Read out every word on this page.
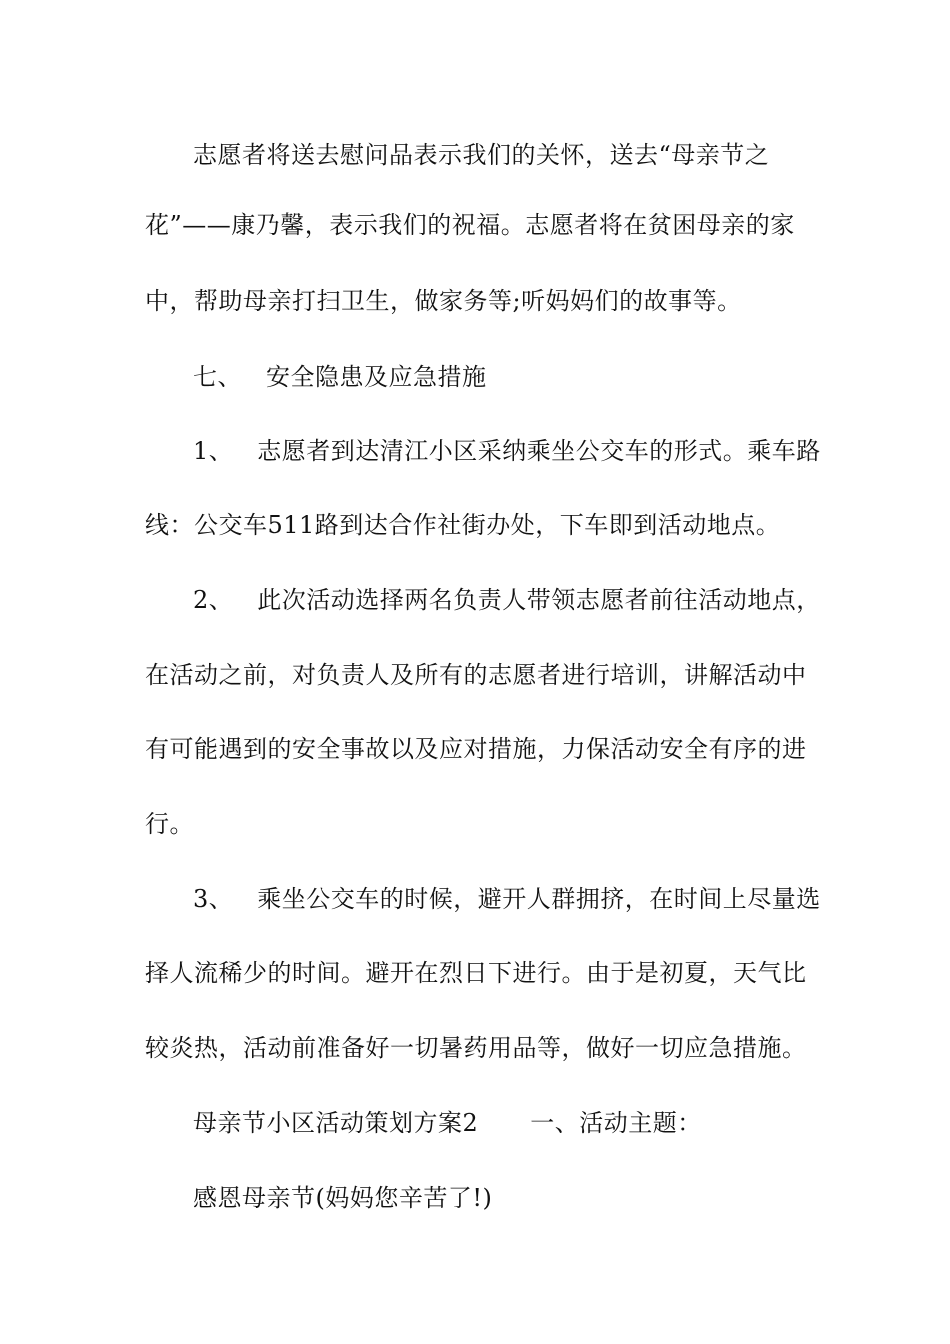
志愿者将送去慰问品表示我们的关怀，送去“母亲节之
花”——康乃馨，表示我们的祝福。志愿者将在贫困母亲的家
中，帮助母亲打扫卫生，做家务等;听妈妈们的故事等。
七、 安全隐患及应急措施
1、 志愿者到达清江小区采纳乘坐公交车的形式。乘车路
线：公交车511路到达合作社街办处，下车即到活动地点。
2、 此次活动选择两名负责人带领志愿者前往活动地点，
在活动之前，对负责人及所有的志愿者进行培训，讲解活动中
有可能遇到的安全事故以及应对措施，力保活动安全有序的进
行。
3、 乘坐公交车的时候，避开人群拥挤，在时间上尽量选
择人流稀少的时间。避开在烈日下进行。由于是初夏，天气比
较炎热，活动前准备好一切暑药用品等，做好一切应急措施。
母亲节小区活动策划方案2 一、活动主题：
感恩母亲节(妈妈您辛苦了!)
